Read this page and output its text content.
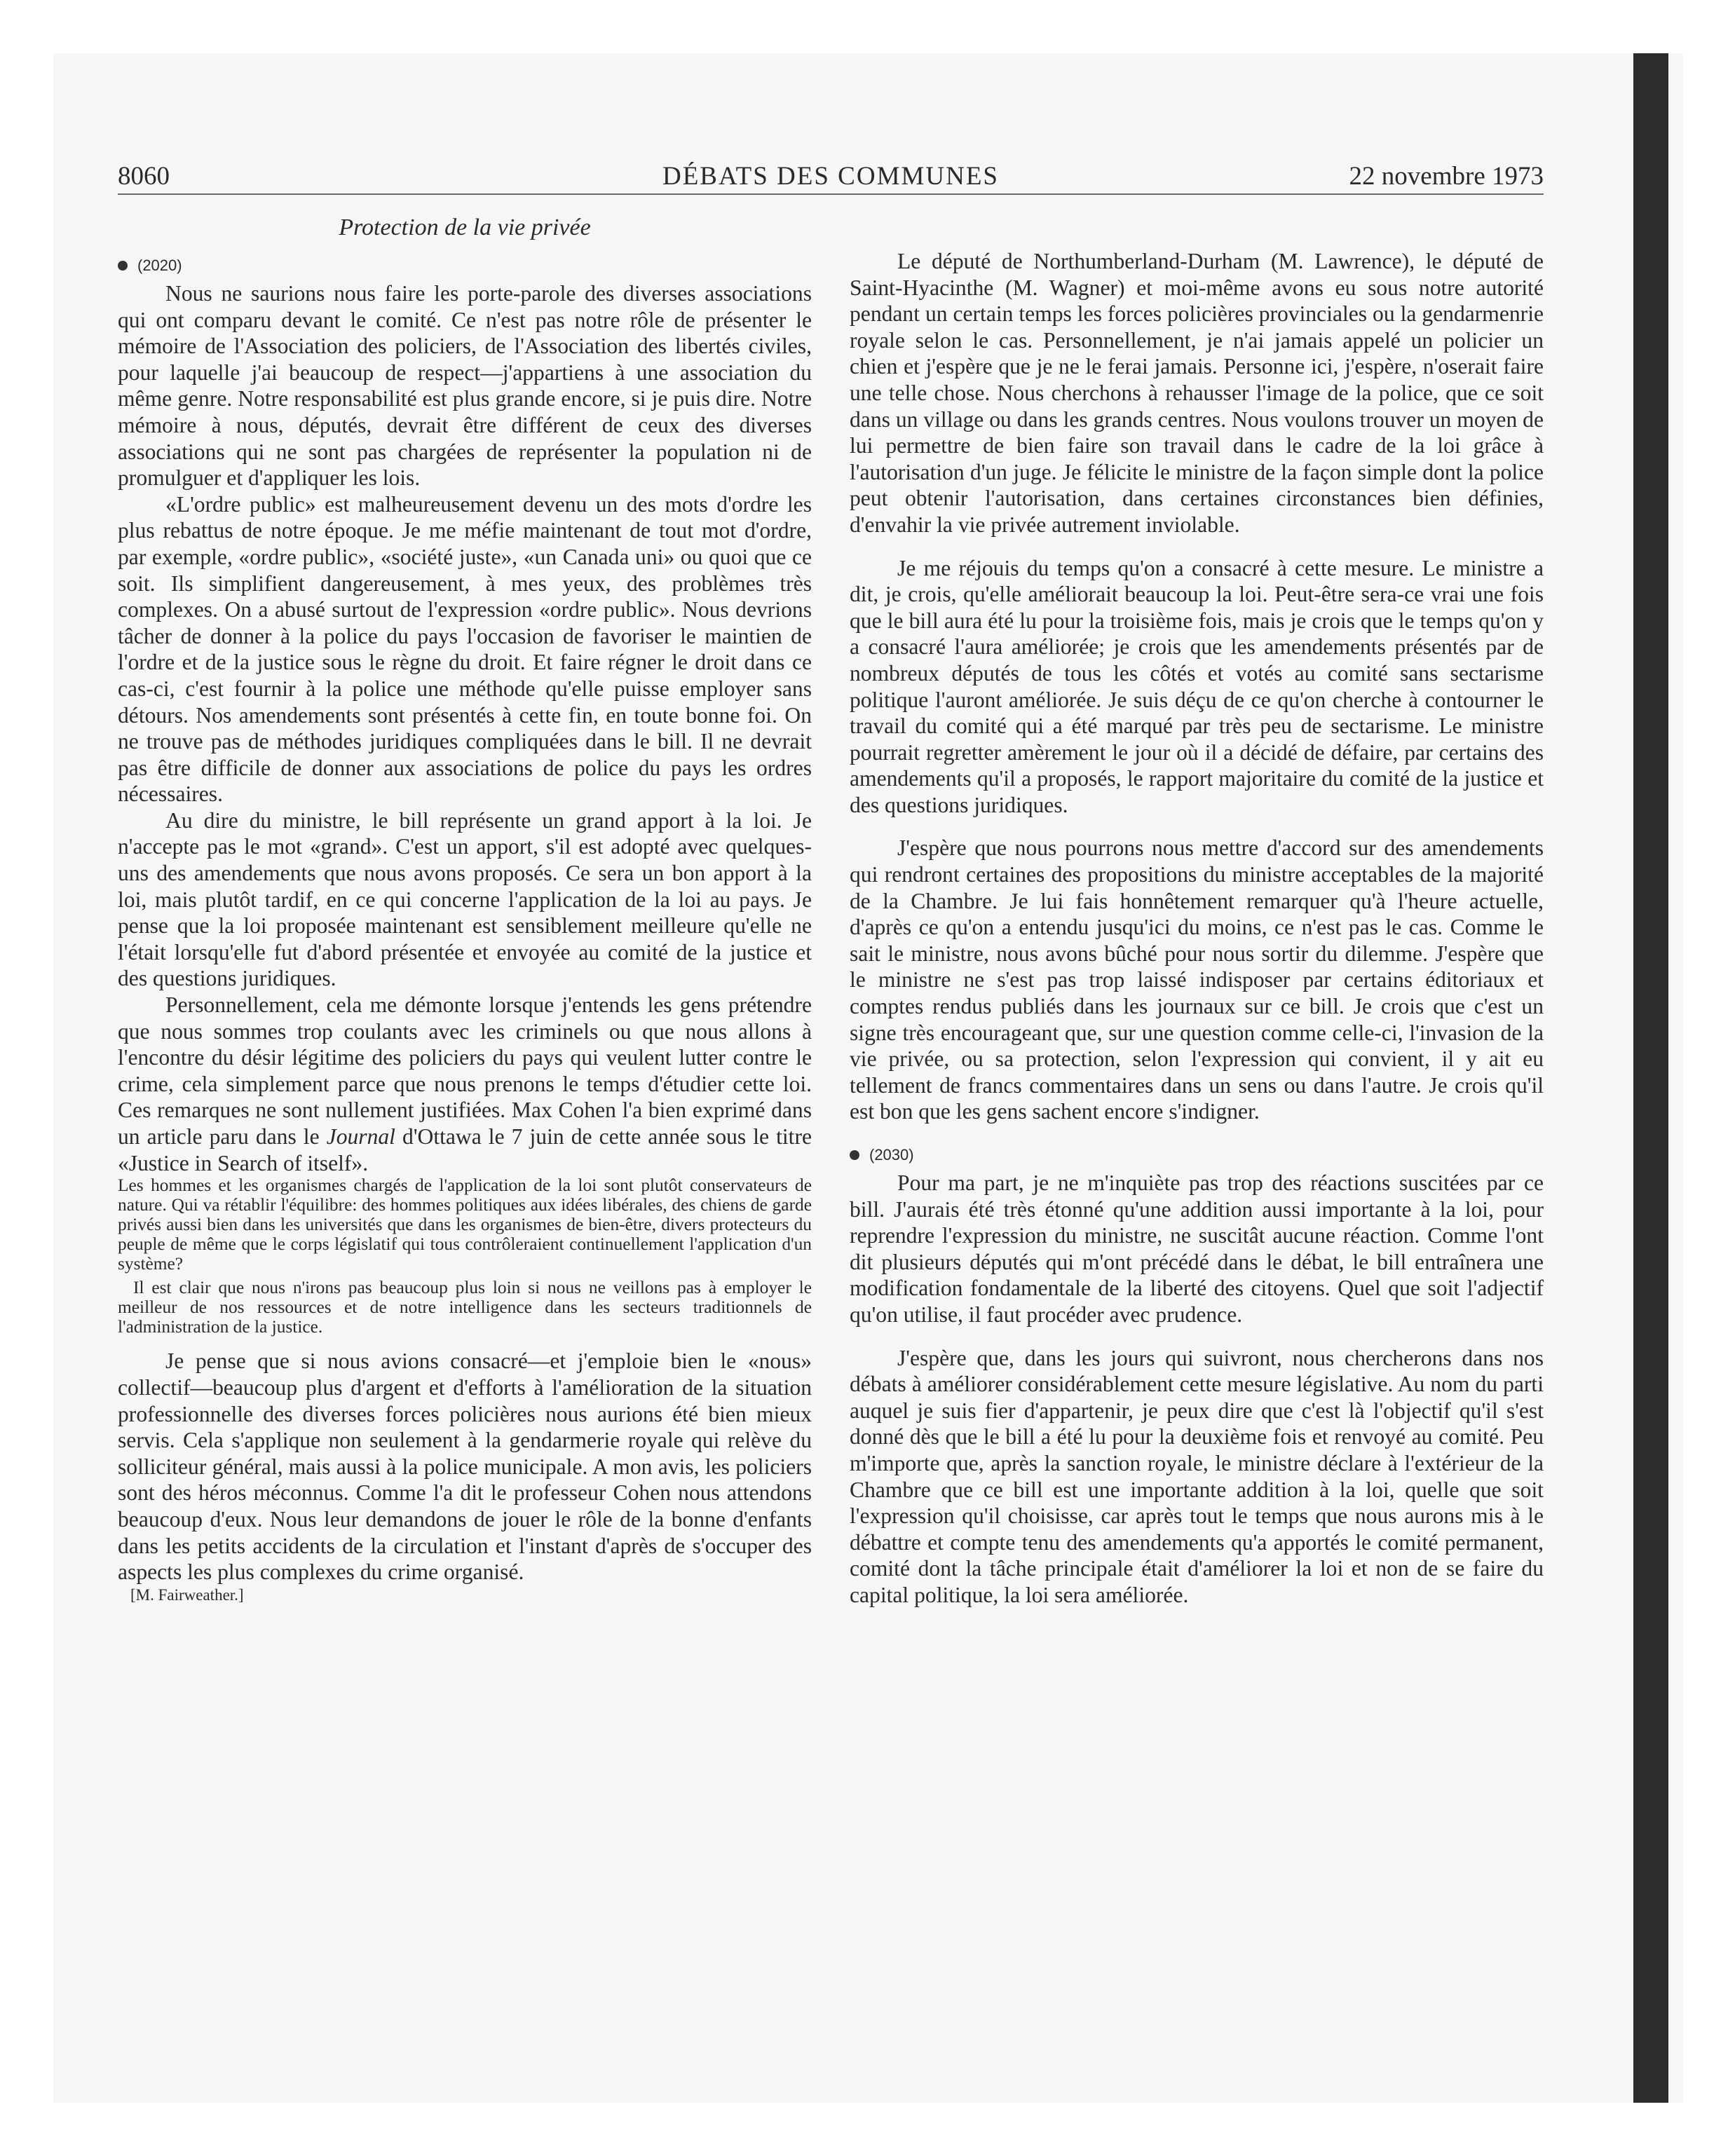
8060	DÉBATS DES COMMUNES	22 novembre 1973
Protection de la vie privée

(2020)

Nous ne saurions nous faire les porte-parole des diverses associations qui ont comparu devant le comité. Ce n'est pas notre rôle de présenter le mémoire de l'Association des policiers, de l'Association des libertés civiles, pour laquelle j'ai beaucoup de respect—j'appartiens à une association du même genre. Notre responsabilité est plus grande encore, si je puis dire. Notre mémoire à nous, députés, devrait être différent de ceux des diverses associations qui ne sont pas chargées de représenter la population ni de promulguer et d'appliquer les lois.

«L'ordre public» est malheureusement devenu un des mots d'ordre les plus rebattus de notre époque. Je me méfie maintenant de tout mot d'ordre, par exemple, «ordre public», «société juste», «un Canada uni» ou quoi que ce soit. Ils simplifient dangereusement, à mes yeux, des problèmes très complexes. On a abusé surtout de l'expression «ordre public». Nous devrions tâcher de donner à la police du pays l'occasion de favoriser le maintien de l'ordre et de la justice sous le règne du droit. Et faire régner le droit dans ce cas-ci, c'est fournir à la police une méthode qu'elle puisse employer sans détours. Nos amendements sont présentés à cette fin, en toute bonne foi. On ne trouve pas de méthodes juridiques compliquées dans le bill. Il ne devrait pas être difficile de donner aux associations de police du pays les ordres nécessaires.

Au dire du ministre, le bill représente un grand apport à la loi. Je n'accepte pas le mot «grand». C'est un apport, s'il est adopté avec quelques-uns des amendements que nous avons proposés. Ce sera un bon apport à la loi, mais plutôt tardif, en ce qui concerne l'application de la loi au pays. Je pense que la loi proposée maintenant est sensiblement meilleure qu'elle ne l'était lorsqu'elle fut d'abord présentée et envoyée au comité de la justice et des questions juridiques.

Personnellement, cela me démonte lorsque j'entends les gens prétendre que nous sommes trop coulants avec les criminels ou que nous allons à l'encontre du désir légitime des policiers du pays qui veulent lutter contre le crime, cela simplement parce que nous prenons le temps d'étudier cette loi. Ces remarques ne sont nullement justifiées. Max Cohen l'a bien exprimé dans un article paru dans le Journal d'Ottawa le 7 juin de cette année sous le titre «Justice in Search of itself».

Les hommes et les organismes chargés de l'application de la loi sont plutôt conservateurs de nature. Qui va rétablir l'équilibre: des hommes politiques aux idées libérales, des chiens de garde privés aussi bien dans les universités que dans les organismes de bien-être, divers protecteurs du peuple de même que le corps législatif qui tous contrôleraient continuellement l'application d'un système?

Il est clair que nous n'irons pas beaucoup plus loin si nous ne veillons pas à employer le meilleur de nos ressources et de notre intelligence dans les secteurs traditionnels de l'administration de la justice.

Je pense que si nous avions consacré—et j'emploie bien le «nous» collectif—beaucoup plus d'argent et d'efforts à l'amélioration de la situation professionnelle des diverses forces policières nous aurions été bien mieux servis. Cela s'applique non seulement à la gendarmerie royale qui relève du solliciteur général, mais aussi à la police municipale. A mon avis, les policiers sont des héros méconnus. Comme l'a dit le professeur Cohen nous attendons beaucoup d'eux. Nous leur demandons de jouer le rôle de la bonne d'enfants dans les petits accidents de la circulation et l'instant d'après de s'occuper des aspects les plus complexes du crime organisé.

[M. Fairweather.]

Le député de Northumberland-Durham (M. Lawrence), le député de Saint-Hyacinthe (M. Wagner) et moi-même avons eu sous notre autorité pendant un certain temps les forces policières provinciales ou la gendarmenrie royale selon le cas. Personnellement, je n'ai jamais appelé un policier un chien et j'espère que je ne le ferai jamais. Personne ici, j'espère, n'oserait faire une telle chose. Nous cherchons à rehausser l'image de la police, que ce soit dans un village ou dans les grands centres. Nous voulons trouver un moyen de lui permettre de bien faire son travail dans le cadre de la loi grâce à l'autorisation d'un juge. Je félicite le ministre de la façon simple dont la police peut obtenir l'autorisation, dans certaines circonstances bien définies, d'envahir la vie privée autrement inviolable.

Je me réjouis du temps qu'on a consacré à cette mesure. Le ministre a dit, je crois, qu'elle améliorait beaucoup la loi. Peut-être sera-ce vrai une fois que le bill aura été lu pour la troisième fois, mais je crois que le temps qu'on y a consacré l'aura améliorée; je crois que les amendements présentés par de nombreux députés de tous les côtés et votés au comité sans sectarisme politique l'auront améliorée. Je suis déçu de ce qu'on cherche à contourner le travail du comité qui a été marqué par très peu de sectarisme. Le ministre pourrait regretter amèrement le jour où il a décidé de défaire, par certains des amendements qu'il a proposés, le rapport majoritaire du comité de la justice et des questions juridiques.

J'espère que nous pourrons nous mettre d'accord sur des amendements qui rendront certaines des propositions du ministre acceptables de la majorité de la Chambre. Je lui fais honnêtement remarquer qu'à l'heure actuelle, d'après ce qu'on a entendu jusqu'ici du moins, ce n'est pas le cas. Comme le sait le ministre, nous avons bûché pour nous sortir du dilemme. J'espère que le ministre ne s'est pas trop laissé indisposer par certains éditoriaux et comptes rendus publiés dans les journaux sur ce bill. Je crois que c'est un signe très encourageant que, sur une question comme celle-ci, l'invasion de la vie privée, ou sa protection, selon l'expression qui convient, il y ait eu tellement de francs commentaires dans un sens ou dans l'autre. Je crois qu'il est bon que les gens sachent encore s'indigner.

(2030)

Pour ma part, je ne m'inquiète pas trop des réactions suscitées par ce bill. J'aurais été très étonné qu'une addition aussi importante à la loi, pour reprendre l'expression du ministre, ne suscitât aucune réaction. Comme l'ont dit plusieurs députés qui m'ont précédé dans le débat, le bill entraînera une modification fondamentale de la liberté des citoyens. Quel que soit l'adjectif qu'on utilise, il faut procéder avec prudence.

J'espère que, dans les jours qui suivront, nous chercherons dans nos débats à améliorer considérablement cette mesure législative. Au nom du parti auquel je suis fier d'appartenir, je peux dire que c'est là l'objectif qu'il s'est donné dès que le bill a été lu pour la deuxième fois et renvoyé au comité. Peu m'importe que, après la sanction royale, le ministre déclare à l'extérieur de la Chambre que ce bill est une importante addition à la loi, quelle que soit l'expression qu'il choisisse, car après tout le temps que nous aurons mis à le débattre et compte tenu des amendements qu'a apportés le comité permanent, comité dont la tâche principale était d'améliorer la loi et non de se faire du capital politique, la loi sera améliorée.
